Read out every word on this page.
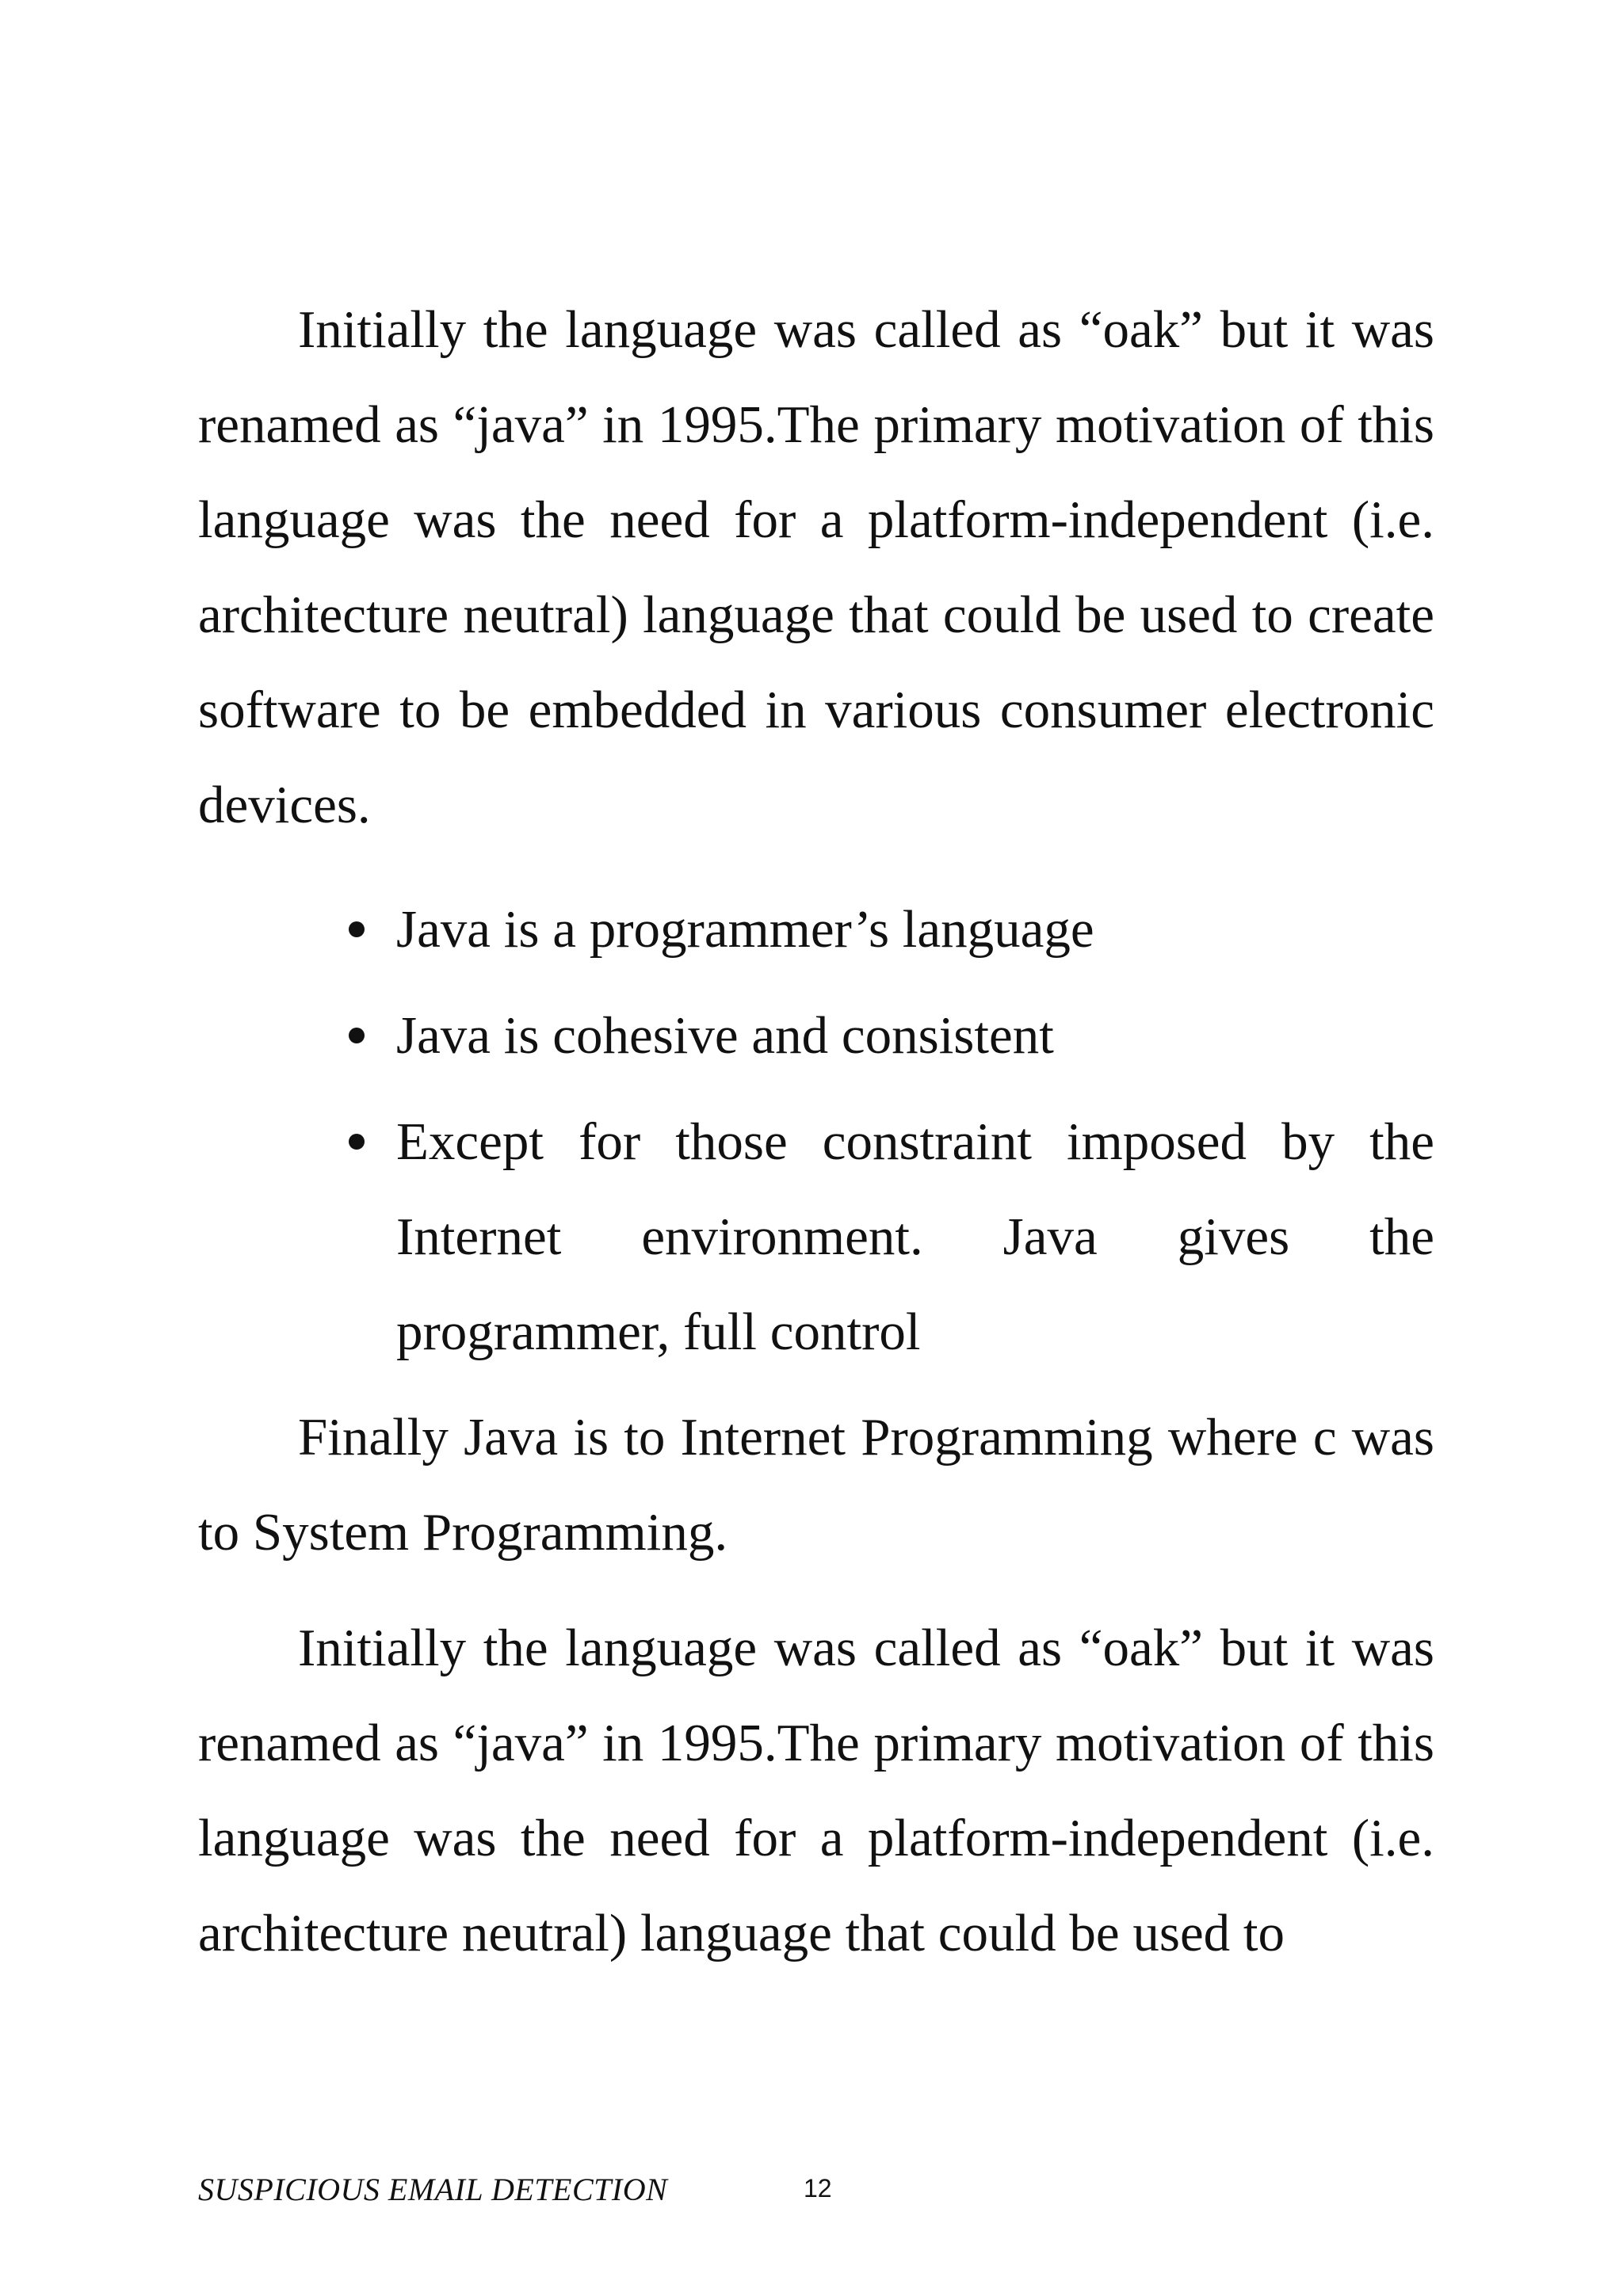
Initially the language was called as “oak” but it was renamed as “java” in 1995.The primary motivation of this language was the need for a platform-independent (i.e. architecture neutral) language that could be used to create software to be embedded in various consumer electronic devices.

Java is a programmer’s language
Java is cohesive and consistent
Except for those constraint imposed by the Internet environment. Java gives the programmer, full control

Finally Java is to Internet Programming where c was to System Programming.

Initially the language was called as “oak” but it was renamed as “java” in 1995.The primary motivation of this language was the need for a platform-independent (i.e. architecture neutral) language that could be used to

SUSPICIOUS EMAIL DETECTION	12
